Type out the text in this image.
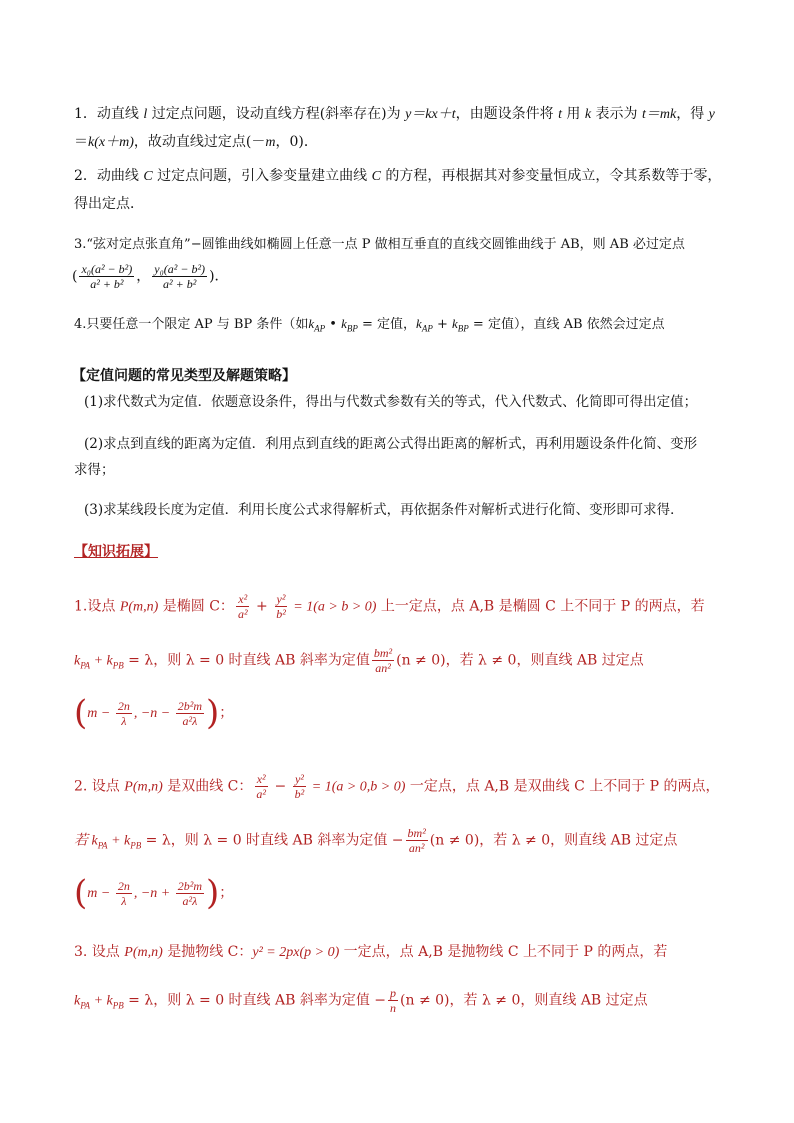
1．动直线 l 过定点问题，设动直线方程(斜率存在)为 y＝kx＋t，由题设条件将 t 用 k 表示为 t＝mk，得 y
＝k(x＋m)，故动直线过定点(－m，0)．
2．动曲线 C 过定点问题，引入参变量建立曲线 C 的方程，再根据其对参变量恒成立，令其系数等于零，
得出定点．
3.“弦对定点张直角”−圆锥曲线如椭圆上任意一点 P 做相互垂直的直线交圆锥曲线于 AB，则 AB 必过定点
( $\frac{\text{x₀(a² − b²)}}{\text{a² + b²}}$ ， $\frac{\text{y₀(a² − b²)}}{\text{a² + b²}}$ )．
4.只要任意一个限定 AP 与 BP 条件（如$k_{AP}$ • $k_{BP}$ = 定值，$k_{AP} + k_{BP}$ = 定值），直线 AB 依然会过定点
【定值问题的常见类型及解题策略】
(1)求代数式为定值．依题意设条件，得出与代数式参数有关的等式，代入代数式、化简即可得出定值；
(2)求点到直线的距离为定值．利用点到直线的距离公式得出距离的解析式，再利用题设条件化简、变形
求得；
(3)求某线段长度为定值．利用长度公式求得解析式，再依据条件对解析式进行化简、变形即可求得．
【知识拓展】
1.设点 P(m,n) 是椭圆 C： $\frac{\text{x²}}{\text{a²}} + \frac{\text{y²}}{\text{b²}} = 1(a > b > 0)$ 上一定点，点 A,B 是椭圆 C 上不同于 P 的两点，若
$k_{PA} + k_{PB} = \lambda$，则 λ = 0 时直线 AB 斜率为定值 $\frac{\text{bm²}}{\text{an²}} (n \ne 0)$，若 λ ≠ 0，则直线 AB 过定点
($m - \frac{2n}{\lambda}$ , $-n - \frac{\text{2b²m}}{\text{a²λ}}$ )；
2. 设点 P(m,n) 是双曲线 C： $\frac{\text{x²}}{\text{a²}} - \frac{\text{y²}}{\text{b²}} = 1(a > 0,b > 0)$ 一定点，点 A,B 是双曲线 C 上不同于 P 的两点，
若 $k_{PA} + k_{PB} = \lambda$，则 λ = 0 时直线 AB 斜率为定值 − $\frac{\text{bm²}}{\text{an²}} (n \ne 0)$，若 λ ≠ 0，则直线 AB 过定点
($m - \frac{2n}{\lambda}$ , $-n + \frac{\text{2b²m}}{\text{a²λ}}$ )；
3. 设点 P(m,n) 是抛物线 C：y² = 2px(p > 0) 一定点，点 A,B 是抛物线 C 上不同于 P 的两点，若
$k_{PA} + k_{PB} = \lambda$，则 λ = 0 时直线 AB 斜率为定值 − $\frac{p}{n} (n \ne 0)$，若 λ ≠ 0，则直线 AB 过定点
